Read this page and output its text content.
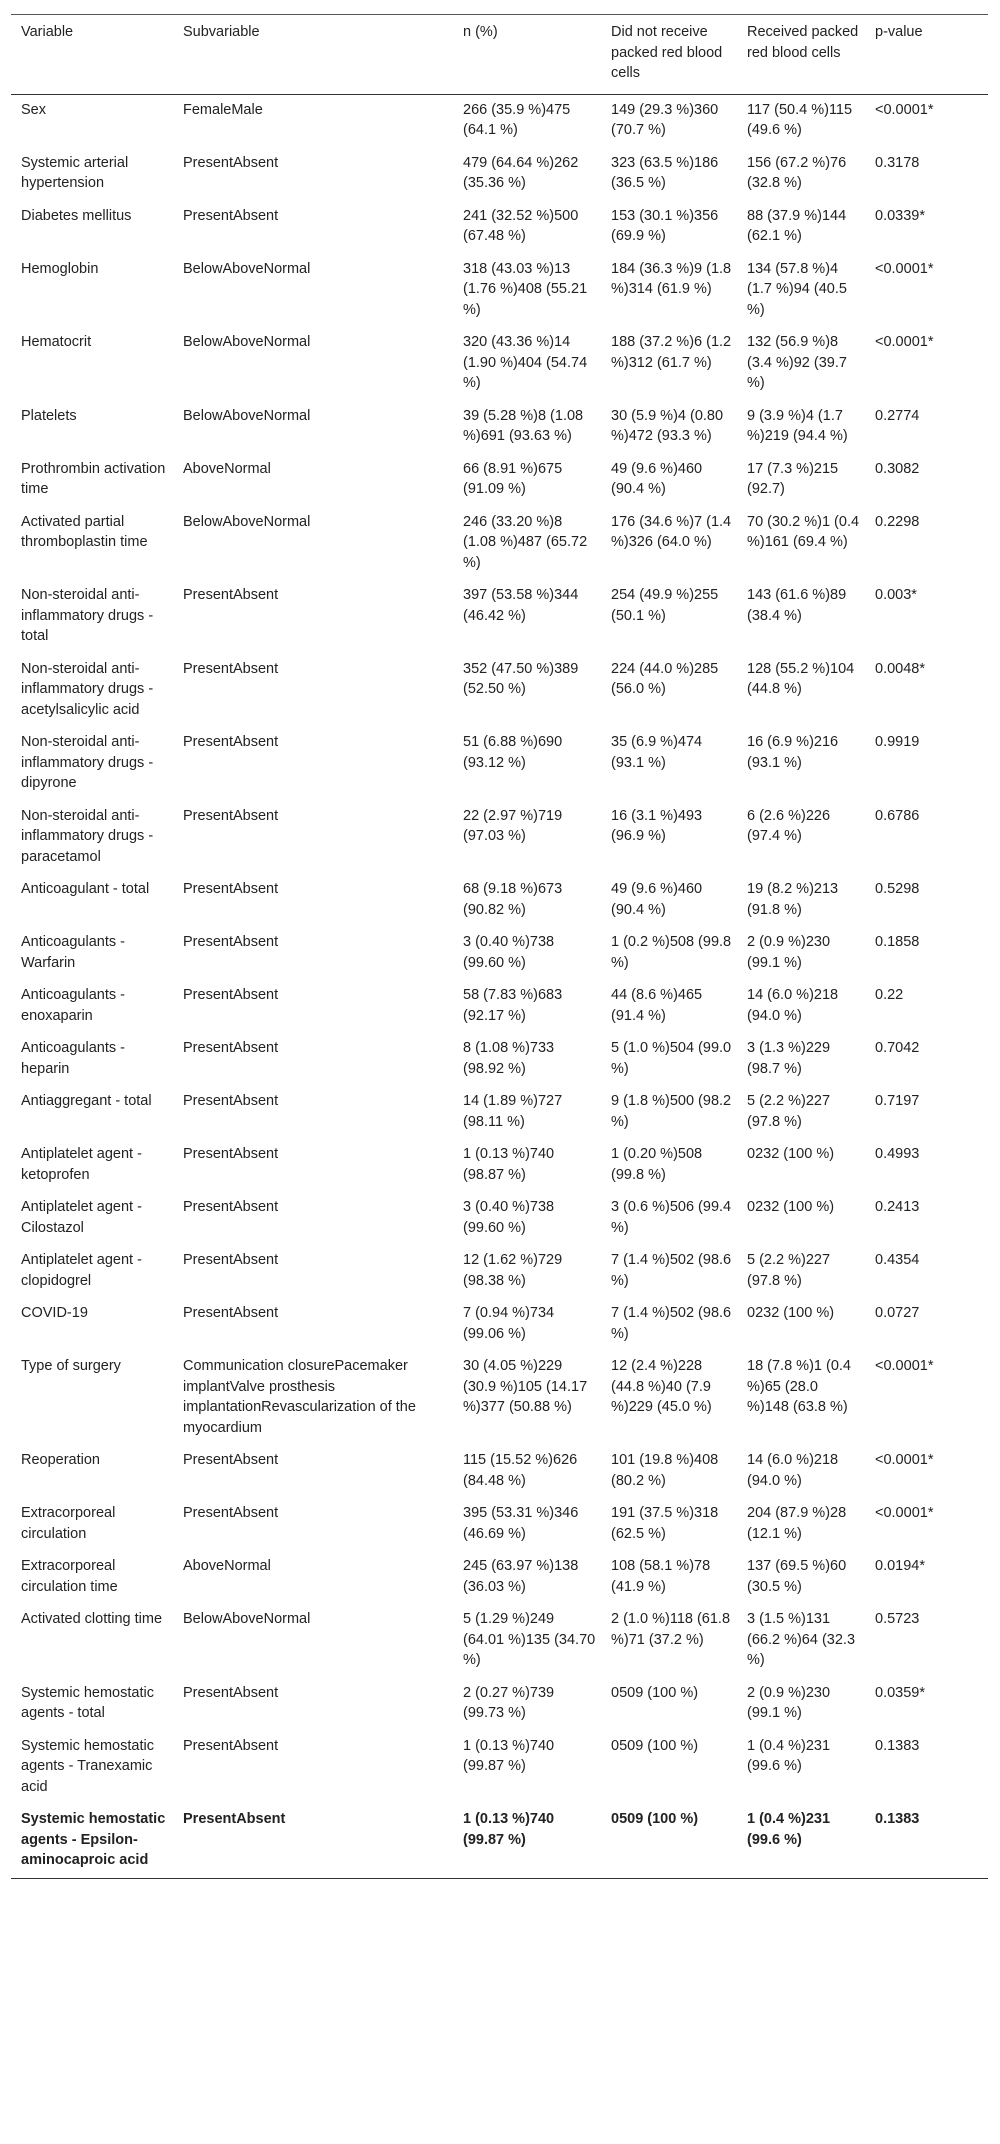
Variable	Subvariable	n (%)	Did not receive packed red blood cells	Received packed red blood cells	p-value
Sex	FemaleMale	266 (35.9 %)475 (64.1 %)	149 (29.3 %)360 (70.7 %)	117 (50.4 %)115 (49.6 %)	<0.0001*
Systemic arterial hypertension	PresentAbsent	479 (64.64 %)262 (35.36 %)	323 (63.5 %)186 (36.5 %)	156 (67.2 %)76 (32.8 %)	0.3178
Diabetes mellitus	PresentAbsent	241 (32.52 %)500 (67.48 %)	153 (30.1 %)356 (69.9 %)	88 (37.9 %)144 (62.1 %)	0.0339*
Hemoglobin	BelowAboveNormal	318 (43.03 %)13 (1.76 %)408 (55.21 %)	184 (36.3 %)9 (1.8 %)314 (61.9 %)	134 (57.8 %)4 (1.7 %)94 (40.5 %)	<0.0001*
Hematocrit	BelowAboveNormal	320 (43.36 %)14 (1.90 %)404 (54.74 %)	188 (37.2 %)6 (1.2 %)312 (61.7 %)	132 (56.9 %)8 (3.4 %)92 (39.7 %)	<0.0001*
Platelets	BelowAboveNormal	39 (5.28 %)8 (1.08 %)691 (93.63 %)	30 (5.9 %)4 (0.80 %)472 (93.3 %)	9 (3.9 %)4 (1.7 %)219 (94.4 %)	0.2774
Prothrombin activation time	AboveNormal	66 (8.91 %)675 (91.09 %)	49 (9.6 %)460 (90.4 %)	17 (7.3 %)215 (92.7)	0.3082
Activated partial thromboplastin time	BelowAboveNormal	246 (33.20 %)8 (1.08 %)487 (65.72 %)	176 (34.6 %)7 (1.4 %)326 (64.0 %)	70 (30.2 %)1 (0.4 %)161 (69.4 %)	0.2298
Non-steroidal anti-inflammatory drugs - total	PresentAbsent	397 (53.58 %)344 (46.42 %)	254 (49.9 %)255 (50.1 %)	143 (61.6 %)89 (38.4 %)	0.003*
Non-steroidal anti-inflammatory drugs - acetylsalicylic acid	PresentAbsent	352 (47.50 %)389 (52.50 %)	224 (44.0 %)285 (56.0 %)	128 (55.2 %)104 (44.8 %)	0.0048*
Non-steroidal anti-inflammatory drugs - dipyrone	PresentAbsent	51 (6.88 %)690 (93.12 %)	35 (6.9 %)474 (93.1 %)	16 (6.9 %)216 (93.1 %)	0.9919
Non-steroidal anti-inflammatory drugs - paracetamol	PresentAbsent	22 (2.97 %)719 (97.03 %)	16 (3.1 %)493 (96.9 %)	6 (2.6 %)226 (97.4 %)	0.6786
Anticoagulant - total	PresentAbsent	68 (9.18 %)673 (90.82 %)	49 (9.6 %)460 (90.4 %)	19 (8.2 %)213 (91.8 %)	0.5298
Anticoagulants - Warfarin	PresentAbsent	3 (0.40 %)738 (99.60 %)	1 (0.2 %)508 (99.8 %)	2 (0.9 %)230 (99.1 %)	0.1858
Anticoagulants - enoxaparin	PresentAbsent	58 (7.83 %)683 (92.17 %)	44 (8.6 %)465 (91.4 %)	14 (6.0 %)218 (94.0 %)	0.22
Anticoagulants - heparin	PresentAbsent	8 (1.08 %)733 (98.92 %)	5 (1.0 %)504 (99.0 %)	3 (1.3 %)229 (98.7 %)	0.7042
Antiaggregant - total	PresentAbsent	14 (1.89 %)727 (98.11 %)	9 (1.8 %)500 (98.2 %)	5 (2.2 %)227 (97.8 %)	0.7197
Antiplatelet agent - ketoprofen	PresentAbsent	1 (0.13 %)740 (98.87 %)	1 (0.20 %)508 (99.8 %)	0232 (100 %)	0.4993
Antiplatelet agent - Cilostazol	PresentAbsent	3 (0.40 %)738 (99.60 %)	3 (0.6 %)506 (99.4 %)	0232 (100 %)	0.2413
Antiplatelet agent - clopidogrel	PresentAbsent	12 (1.62 %)729 (98.38 %)	7 (1.4 %)502 (98.6 %)	5 (2.2 %)227 (97.8 %)	0.4354
COVID-19	PresentAbsent	7 (0.94 %)734 (99.06 %)	7 (1.4 %)502 (98.6 %)	0232 (100 %)	0.0727
Type of surgery	Communication closurePacemaker implantValve prosthesis implantationRevascularization of the myocardium	30 (4.05 %)229 (30.9 %)105 (14.17 %)377 (50.88 %)	12 (2.4 %)228 (44.8 %)40 (7.9 %)229 (45.0 %)	18 (7.8 %)1 (0.4 %)65 (28.0 %)148 (63.8 %)	<0.0001*
Reoperation	PresentAbsent	115 (15.52 %)626 (84.48 %)	101 (19.8 %)408 (80.2 %)	14 (6.0 %)218 (94.0 %)	<0.0001*
Extracorporeal circulation	PresentAbsent	395 (53.31 %)346 (46.69 %)	191 (37.5 %)318 (62.5 %)	204 (87.9 %)28 (12.1 %)	<0.0001*
Extracorporeal circulation time	AboveNormal	245 (63.97 %)138 (36.03 %)	108 (58.1 %)78 (41.9 %)	137 (69.5 %)60 (30.5 %)	0.0194*
Activated clotting time	BelowAboveNormal	5 (1.29 %)249 (64.01 %)135 (34.70 %)	2 (1.0 %)118 (61.8 %)71 (37.2 %)	3 (1.5 %)131 (66.2 %)64 (32.3 %)	0.5723
Systemic hemostatic agents - total	PresentAbsent	2 (0.27 %)739 (99.73 %)	0509 (100 %)	2 (0.9 %)230 (99.1 %)	0.0359*
Systemic hemostatic agents - Tranexamic acid	PresentAbsent	1 (0.13 %)740 (99.87 %)	0509 (100 %)	1 (0.4 %)231 (99.6 %)	0.1383
Systemic hemostatic agents - Epsilon-aminocaproic acid	PresentAbsent	1 (0.13 %)740 (99.87 %)	0509 (100 %)	1 (0.4 %)231 (99.6 %)	0.1383
